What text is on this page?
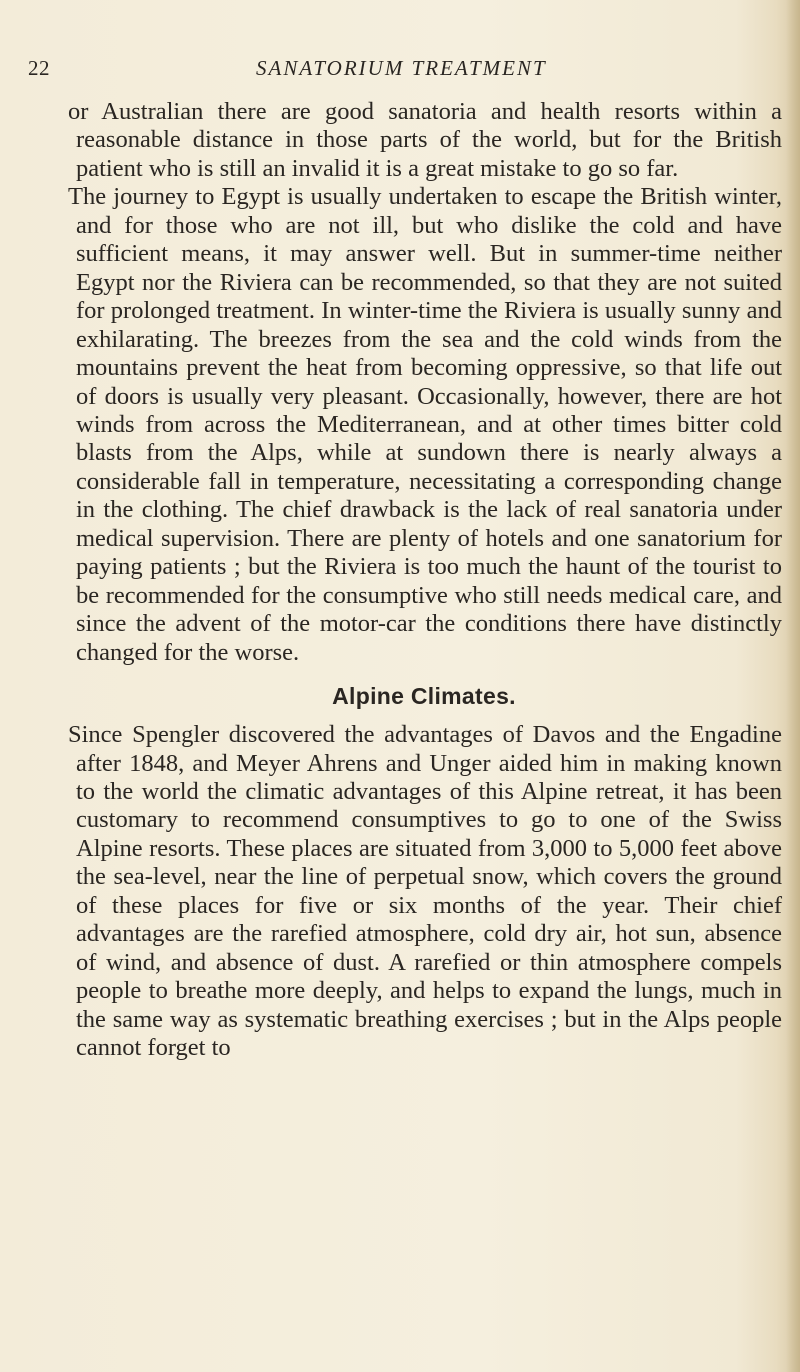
22	SANATORIUM TREATMENT

or Australian there are good sanatoria and health resorts within a reasonable distance in those parts of the world, but for the British patient who is still an invalid it is a great mistake to go so far.

The journey to Egypt is usually undertaken to escape the British winter, and for those who are not ill, but who dislike the cold and have sufficient means, it may answer well. But in summer-time neither Egypt nor the Riviera can be recommended, so that they are not suited for prolonged treatment. In winter-time the Riviera is usually sunny and exhilarating. The breezes from the sea and the cold winds from the mountains prevent the heat from becoming oppressive, so that life out of doors is usually very pleasant. Occasionally, however, there are hot winds from across the Mediterranean, and at other times bitter cold blasts from the Alps, while at sundown there is nearly always a considerable fall in temperature, necessitating a corresponding change in the clothing. The chief drawback is the lack of real sanatoria under medical supervision. There are plenty of hotels and one sanatorium for paying patients ; but the Riviera is too much the haunt of the tourist to be recommended for the consumptive who still needs medical care, and since the advent of the motor-car the conditions there have distinctly changed for the worse.

Alpine Climates.

Since Spengler discovered the advantages of Davos and the Engadine after 1848, and Meyer Ahrens and Unger aided him in making known to the world the climatic advantages of this Alpine retreat, it has been customary to recommend consumptives to go to one of the Swiss Alpine resorts. These places are situated from 3,000 to 5,000 feet above the sea-level, near the line of perpetual snow, which covers the ground of these places for five or six months of the year. Their chief advantages are the rarefied atmosphere, cold dry air, hot sun, absence of wind, and absence of dust. A rarefied or thin atmosphere compels people to breathe more deeply, and helps to expand the lungs, much in the same way as systematic breathing exercises ; but in the Alps people cannot forget to
